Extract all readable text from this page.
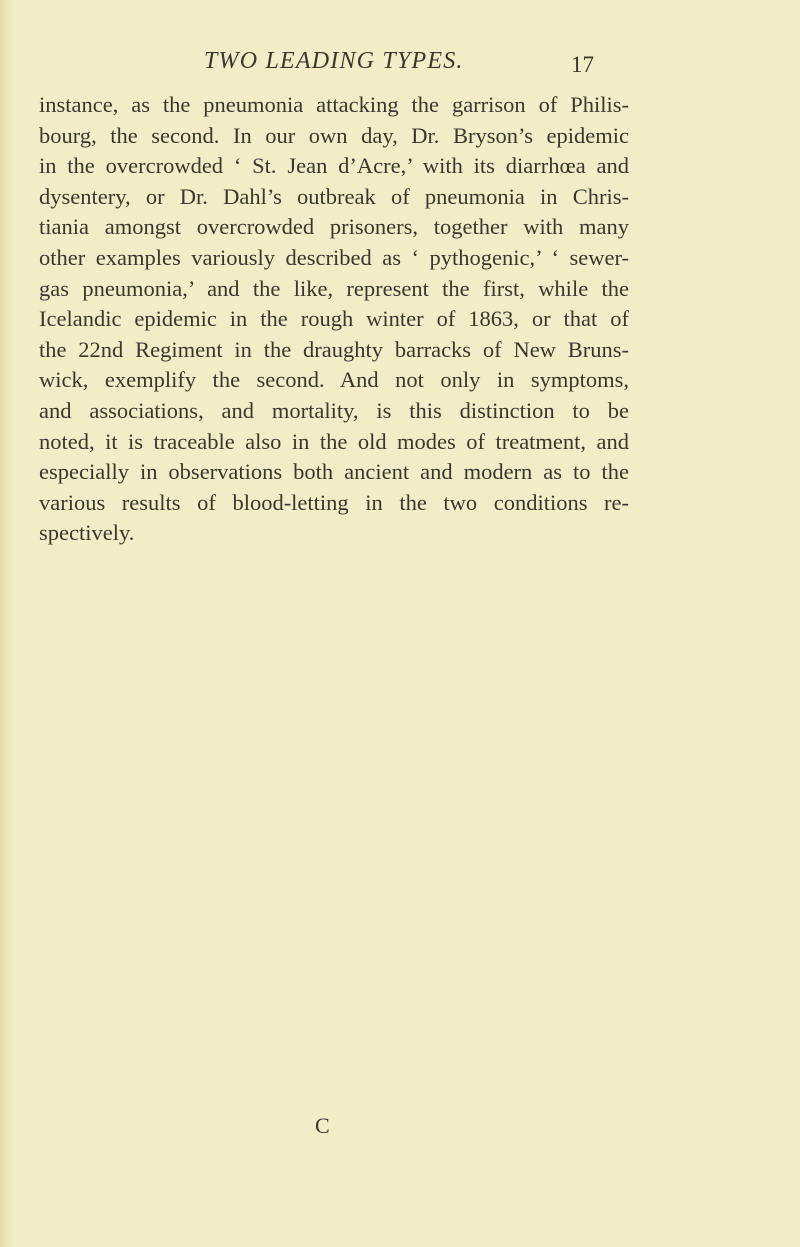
TWO LEADING TYPES.	17
instance, as the pneumonia attacking the garrison of Philis-
bourg, the second. In our own day, Dr. Bryson’s epidemic
in the overcrowded ‘ St. Jean d’Acre,’ with its diarrhœa and
dysentery, or Dr. Dahl’s outbreak of pneumonia in Chris-
tiania amongst overcrowded prisoners, together with many
other examples variously described as ‘ pythogenic,’ ‘ sewer-
gas pneumonia,’ and the like, represent the first, while the
Icelandic epidemic in the rough winter of 1863, or that of
the 22nd Regiment in the draughty barracks of New Bruns-
wick, exemplify the second. And not only in symptoms,
and associations, and mortality, is this distinction to be
noted, it is traceable also in the old modes of treatment, and
especially in observations both ancient and modern as to the
various results of blood-letting in the two conditions re-
spectively.
C
